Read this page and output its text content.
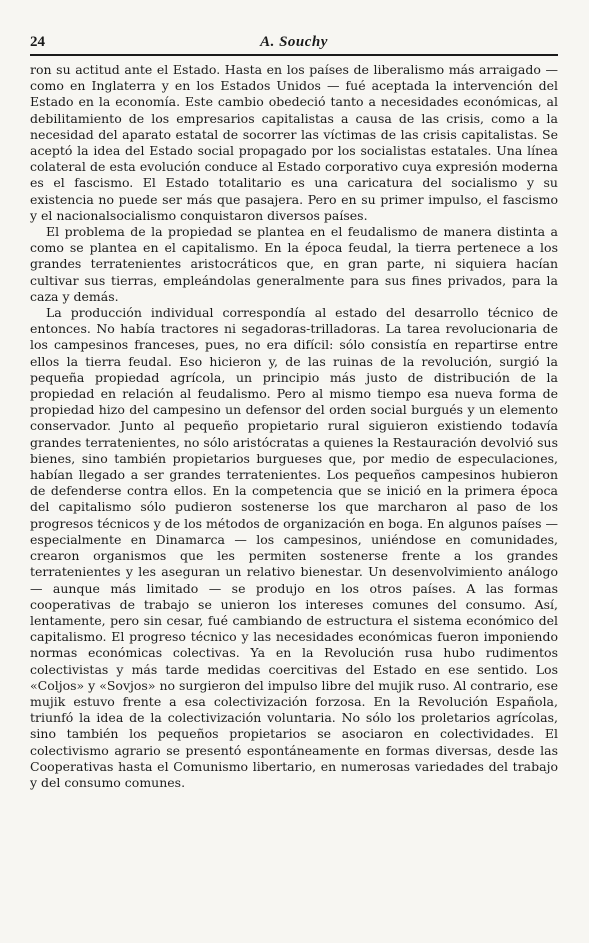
24	A. Souchy

ron su actitud ante el Estado. Hasta en los países de liberalismo más arraigado — como en Inglaterra y en los Estados Unidos — fué aceptada la intervención del Estado en la economía. Este cambio obedeció tanto a necesidades económicas, al debilitamiento de los empresarios capitalistas a causa de las crisis, como a la necesidad del aparato estatal de socorrer las víctimas de las crisis capitalistas. Se aceptó la idea del Estado social propagado por los socialistas estatales. Una línea colateral de esta evolución conduce al Estado corporativo cuya expresión moderna es el fascismo. El Estado totalitario es una caricatura del socialismo y su existencia no puede ser más que pasajera. Pero en su primer impulso, el fascismo y el nacionalsocialismo conquistaron diversos países.

El problema de la propiedad se plantea en el feudalismo de manera distinta a como se plantea en el capitalismo. En la época feudal, la tierra pertenece a los grandes terratenientes aristocráticos que, en gran parte, ni siquiera hacían cultivar sus tierras, empleándolas generalmente para sus fines privados, para la caza y demás.

La producción individual correspondía al estado del desarrollo técnico de entonces. No había tractores ni segadoras-trilladoras. La tarea revolucionaria de los campesinos franceses, pues, no era difícil: sólo consistía en repartirse entre ellos la tierra feudal. Eso hicieron y, de las ruinas de la revolución, surgió la pequeña propiedad agrícola, un principio más justo de distribución de la propiedad en relación al feudalismo. Pero al mismo tiempo esa nueva forma de propiedad hizo del campesino un defensor del orden social burgués y un elemento conservador. Junto al pequeño propietario rural siguieron existiendo todavía grandes terratenientes, no sólo aristócratas a quienes la Restauración devolvió sus bienes, sino también propietarios burgueses que, por medio de especulaciones, habían llegado a ser grandes terratenientes. Los pequeños campesinos hubieron de defenderse contra ellos. En la competencia que se inició en la primera época del capitalismo sólo pudieron sostenerse los que marcharon al paso de los progresos técnicos y de los métodos de organización en boga. En algunos países — especialmente en Dinamarca — los campesinos, uniéndose en comunidades, crearon organismos que les permiten sostenerse frente a los grandes terratenientes y les aseguran un relativo bienestar. Un desenvolvimiento análogo — aunque más limitado — se produjo en los otros países. A las formas cooperativas de trabajo se unieron los intereses comunes del consumo. Así, lentamente, pero sin cesar, fué cambiando de estructura el sistema económico del capitalismo. El progreso técnico y las necesidades económicas fueron imponiendo normas económicas colectivas. Ya en la Revolución rusa hubo rudimentos colectivistas y más tarde medidas coercitivas del Estado en ese sentido. Los «Coljos» y «Sovjos» no surgieron del impulso libre del mujik ruso. Al contrario, ese mujik estuvo frente a esa colectivización forzosa. En la Revolución Española, triunfó la idea de la colectivización voluntaria. No sólo los proletarios agrícolas, sino también los pequeños propietarios se asociaron en colectividades. El colectivismo agrario se presentó espontáneamente en formas diversas, desde las Cooperativas hasta el Comunismo libertario, en numerosas variedades del trabajo y del consumo comunes.
